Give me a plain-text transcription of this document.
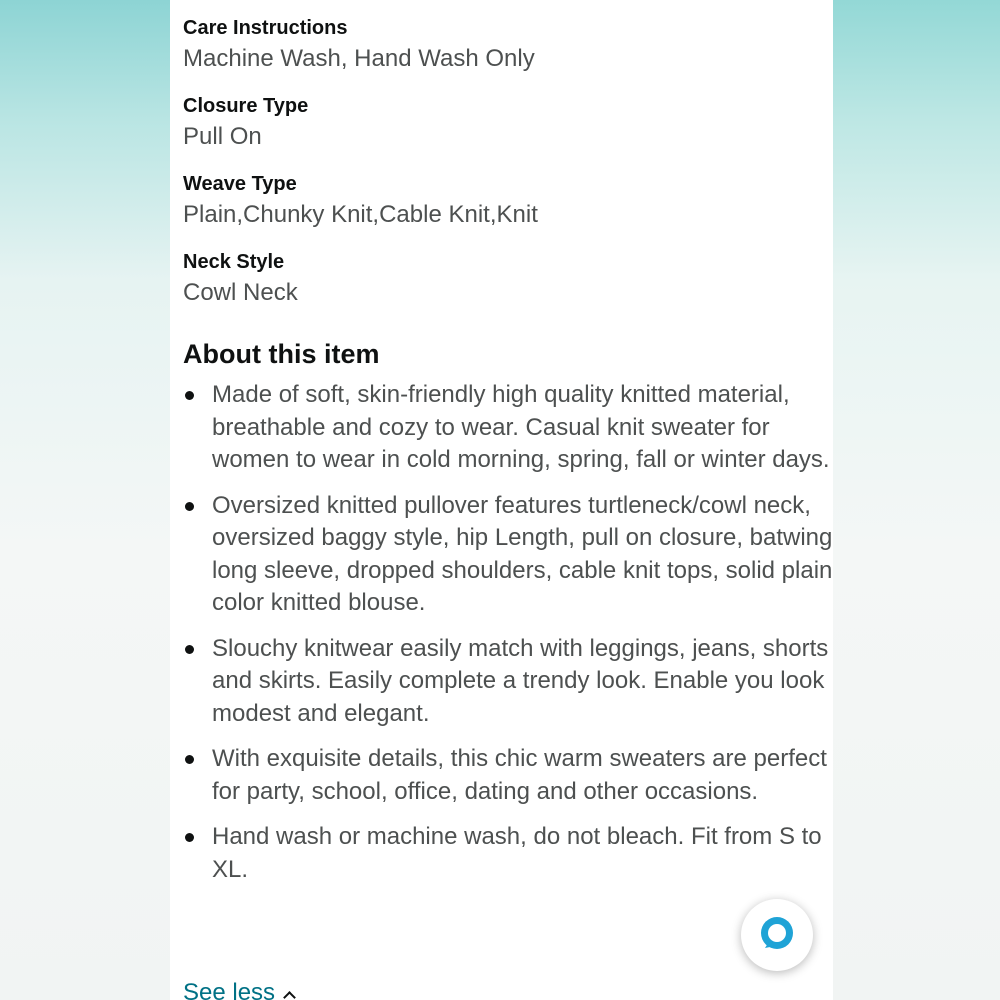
Care Instructions

Machine Wash, Hand Wash Only

Closure Type

Pull On

Weave Type

Plain,Chunky Knit,Cable Knit,Knit

Neck Style

Cowl Neck

About this item
Made of soft, skin-friendly high quality knitted material, breathable and cozy to wear. Casual knit sweater for women to wear in cold morning, spring, fall or winter days.
Oversized knitted pullover features turtleneck/cowl neck, oversized baggy style, hip Length, pull on closure, batwing long sleeve, dropped shoulders, cable knit tops, solid plain color knitted blouse.
Slouchy knitwear easily match with leggings, jeans, shorts and skirts. Easily complete a trendy look. Enable you look modest and elegant.
With exquisite details, this chic warm sweaters are perfect for party, school, office, dating and other occasions.
Hand wash or machine wash, do not bleach. Fit from S to XL.
See less
